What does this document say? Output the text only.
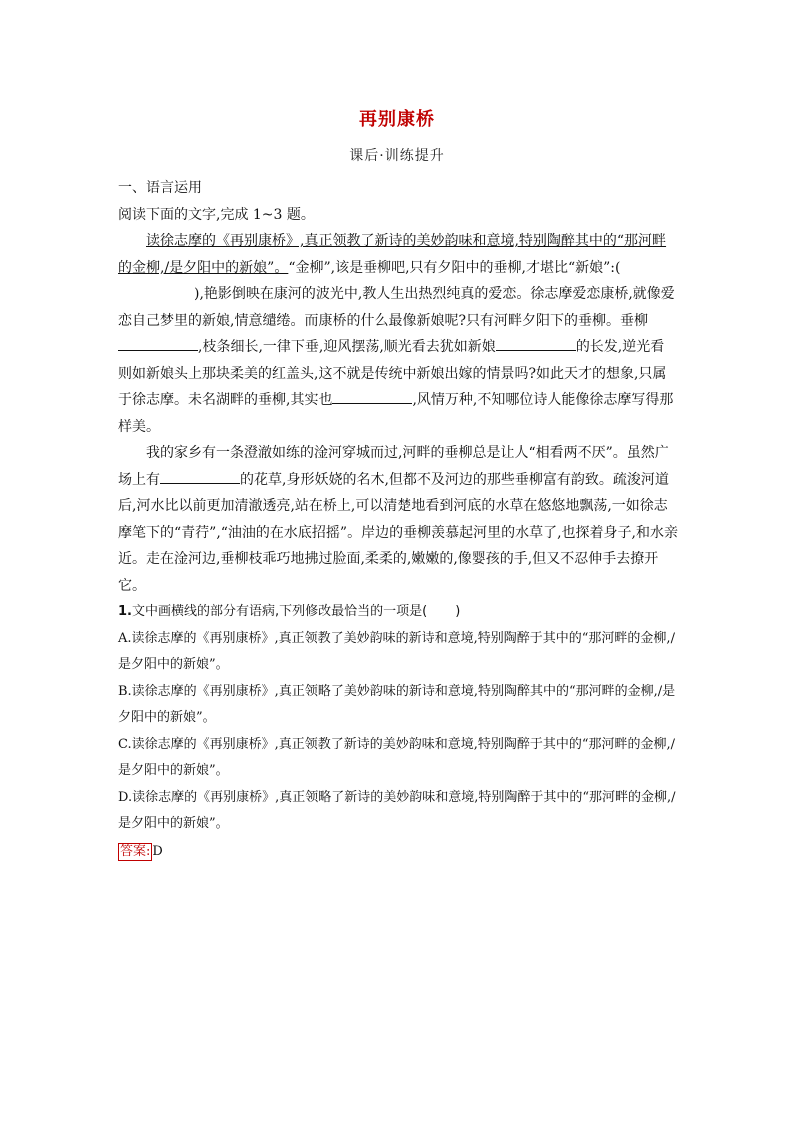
再别康桥
课后·训练提升

一、语言运用

阅读下面的文字,完成 1~3 题。

读徐志摩的《再别康桥》,真正领教了新诗的美妙韵味和意境,特别陶醉其中的“那河畔的金柳,/是夕阳中的新娘”。“金柳”,该是垂柳吧,只有夕阳中的垂柳,才堪比“新娘”:(),艳影倒映在康河的波光中,教人生出热烈纯真的爱恋。徐志摩爱恋康桥,就像爱恋自己梦里的新娘,情意缱绻。而康桥的什么最像新娘呢?只有河畔夕阳下的垂柳。垂柳,枝条细长,一律下垂,迎风摆荡,顺光看去犹如新娘	的长发,逆光看则如新娘头上那块柔美的红盖头,这不就是传统中新娘出嫁的情景吗?如此天才的想象,只属于徐志摩。未名湖畔的垂柳,其实也	,风情万种,不知哪位诗人能像徐志摩写得那样美。

我的家乡有一条澄澈如练的淦河穿城而过,河畔的垂柳总是让人“相看两不厌”。虽然广场上有	的花草,身形妖娆的名木,但都不及河边的那些垂柳富有韵致。疏浚河道后,河水比以前更加清澈透亮,站在桥上,可以清楚地看到河底的水草在悠悠地飘荡,一如徐志摩笔下的“青荇”,“油油的在水底招摇”。岸边的垂柳羡慕起河里的水草了,也探着身子,和水亲近。走在淦河边,垂柳枝乖巧地拂过脸面,柔柔的,嫩嫩的,像婴孩的手,但又不忍伸手去撩开它。

1.文中画横线的部分有语病,下列修改最恰当的一项是( )

A.读徐志摩的《再别康桥》,真正领教了美妙韵味的新诗和意境,特别陶醉于其中的“那河畔的金柳,/是夕阳中的新娘”。

B.读徐志摩的《再别康桥》,真正领略了美妙韵味的新诗和意境,特别陶醉其中的“那河畔的金柳,/是夕阳中的新娘”。

C.读徐志摩的《再别康桥》,真正领教了新诗的美妙韵味和意境,特别陶醉于其中的“那河畔的金柳,/是夕阳中的新娘”。

D.读徐志摩的《再别康桥》,真正领略了新诗的美妙韵味和意境,特别陶醉于其中的“那河畔的金柳,/是夕阳中的新娘”。

答案: D
